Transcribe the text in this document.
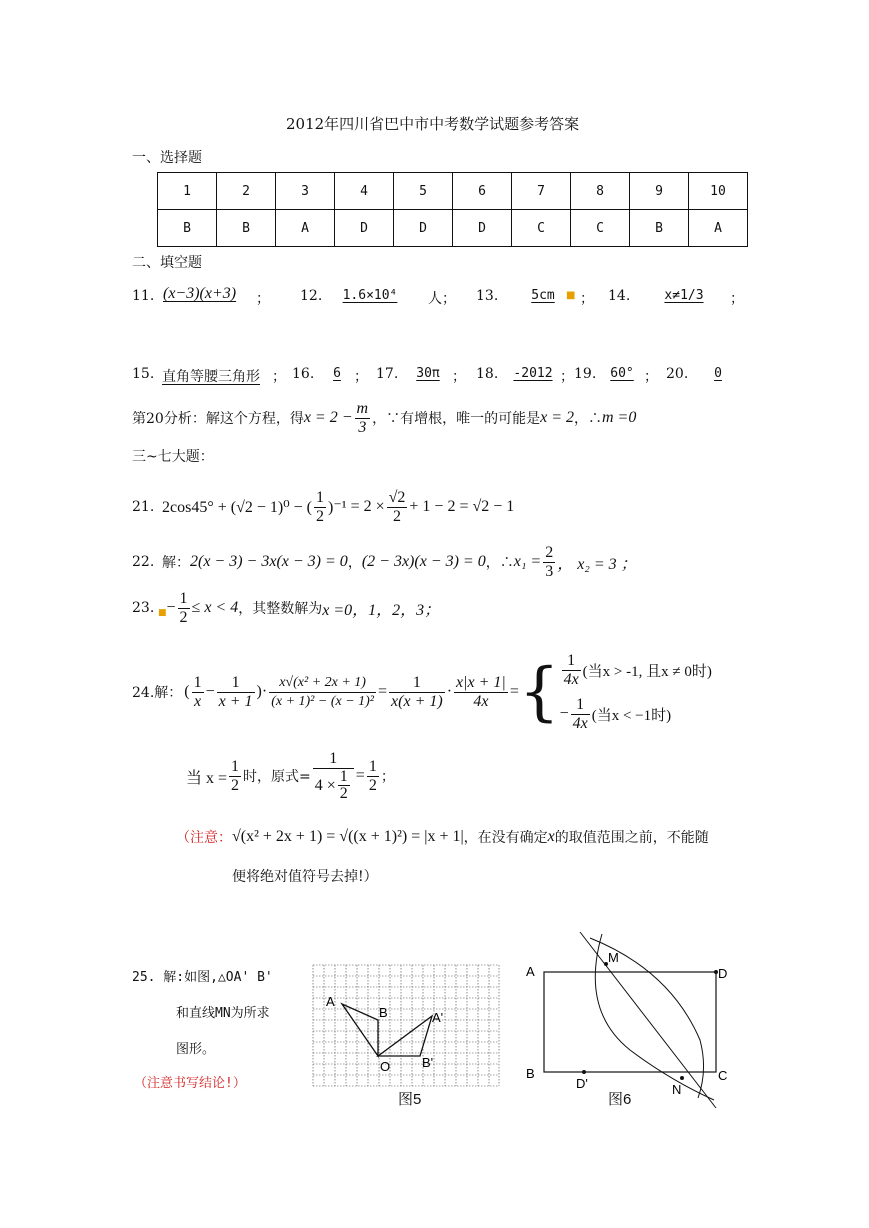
2012年四川省巴中市中考数学试题参考答案
一、选择题
1	2	3	4	5	6	7	8	9	10
B	B	A	D	D	D	C	C	B	A
二、填空题
11. (x−3)(x+3) ； 12.	1.6×10⁴	人； 13.	5cm	■ ； 14.	x≠1/3	；
15. 直角等腰三角形 ； 16.	6 ； 17.	30π ； 18.	-2012 ； 19.	60° ； 20.	0
第20分析：解这个方程，得 $x = 2 - \frac{m}{3}$ ，∵有增根，唯一的可能是 x = 2 ，∴ m =0
三~七大题：
21. 2cos45° + (√2 − 1)⁰ − ( $\frac{1}{2} )^{-1} = 2 \times \frac{√2}{2} + 1 - 2 = √2 - 1$
22. 解： 2(x − 3) − 3x(x − 3) = 0 ， (2 − 3x)(x − 3) = 0 ，∴ $x_1 = \frac{2}{3}$ ， x₂ = 3 ；
23. ■ − $\frac{1}{2} \le x < 4$ ，其整数解为 x =0，1，2，3；
24.解： ( $\frac{1}{x} - \frac{1}{x + 1}$ )· $\frac{\text{x√(x² + 2x + 1)}}{\text{(x + 1)² − (x − 1)²}} = \frac{1}{x(x + 1)} \cdot \frac{x|x + 1|}{4x}$ = { $\frac{1}{4x}$ (当x > -1, 且x ≠ 0时)
− $\frac{1}{4x}$ (当x < −1时)
当 $x = \frac{1}{2}$ 时，原式= $\frac{1}{4 \times \frac{1}{2}} = \frac{1}{2}$ ；
（注意： √(x² + 2x + 1) = √((x + 1)²) = |x + 1| ，在没有确定 x 的取值范围之前，不能随
便将绝对值符号去掉!）
25. 解:如图,△OA' B'
和直线MN为所求
图形。
（注意书写结论!）
A
B
O
A'
B'
图5
A	D
M
B	C
N
D'
图6
